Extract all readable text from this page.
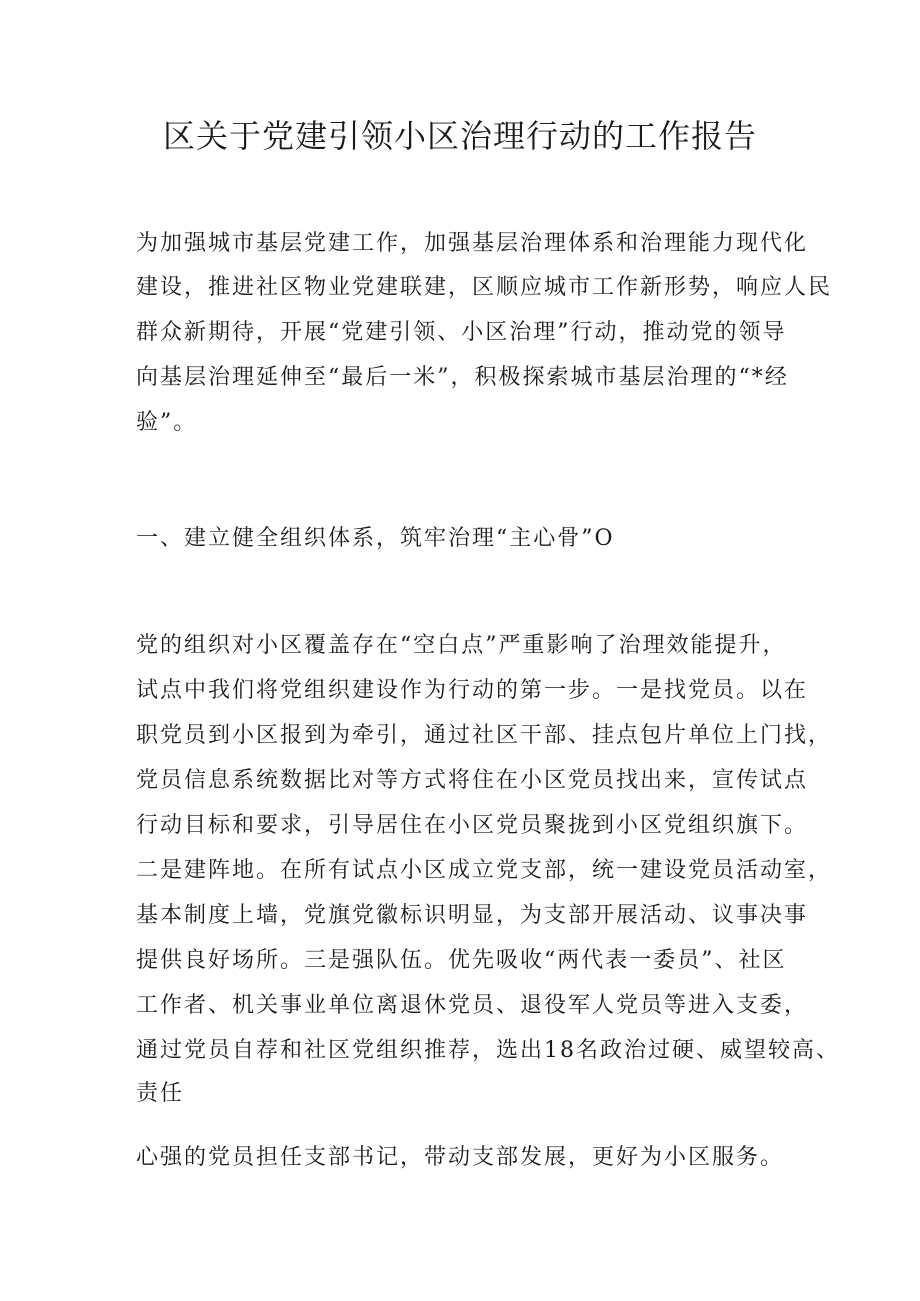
区关于党建引领小区治理行动的工作报告

为加强城市基层党建工作，加强基层治理体系和治理能力现代化

建设，推进社区物业党建联建，区顺应城市工作新形势，响应人民

群众新期待，开展“党建引领、小区治理”行动，推动党的领导

向基层治理延伸至“最后一米”，积极探索城市基层治理的“*经

验”。

一、建立健全组织体系，筑牢治理“主心骨”O

党的组织对小区覆盖存在“空白点”严重影响了治理效能提升，

试点中我们将党组织建设作为行动的第一步。一是找党员。以在

职党员到小区报到为牵引，通过社区干部、挂点包片单位上门找，

党员信息系统数据比对等方式将住在小区党员找出来，宣传试点

行动目标和要求，引导居住在小区党员聚拢到小区党组织旗下。

二是建阵地。在所有试点小区成立党支部，统一建设党员活动室，

基本制度上墙，党旗党徽标识明显，为支部开展活动、议事决事

提供良好场所。三是强队伍。优先吸收“两代表一委员”、社区

工作者、机关事业单位离退休党员、退役军人党员等进入支委，

通过党员自荐和社区党组织推荐，选出18名政治过硬、威望较高、

责任

心强的党员担任支部书记，带动支部发展，更好为小区服务。
